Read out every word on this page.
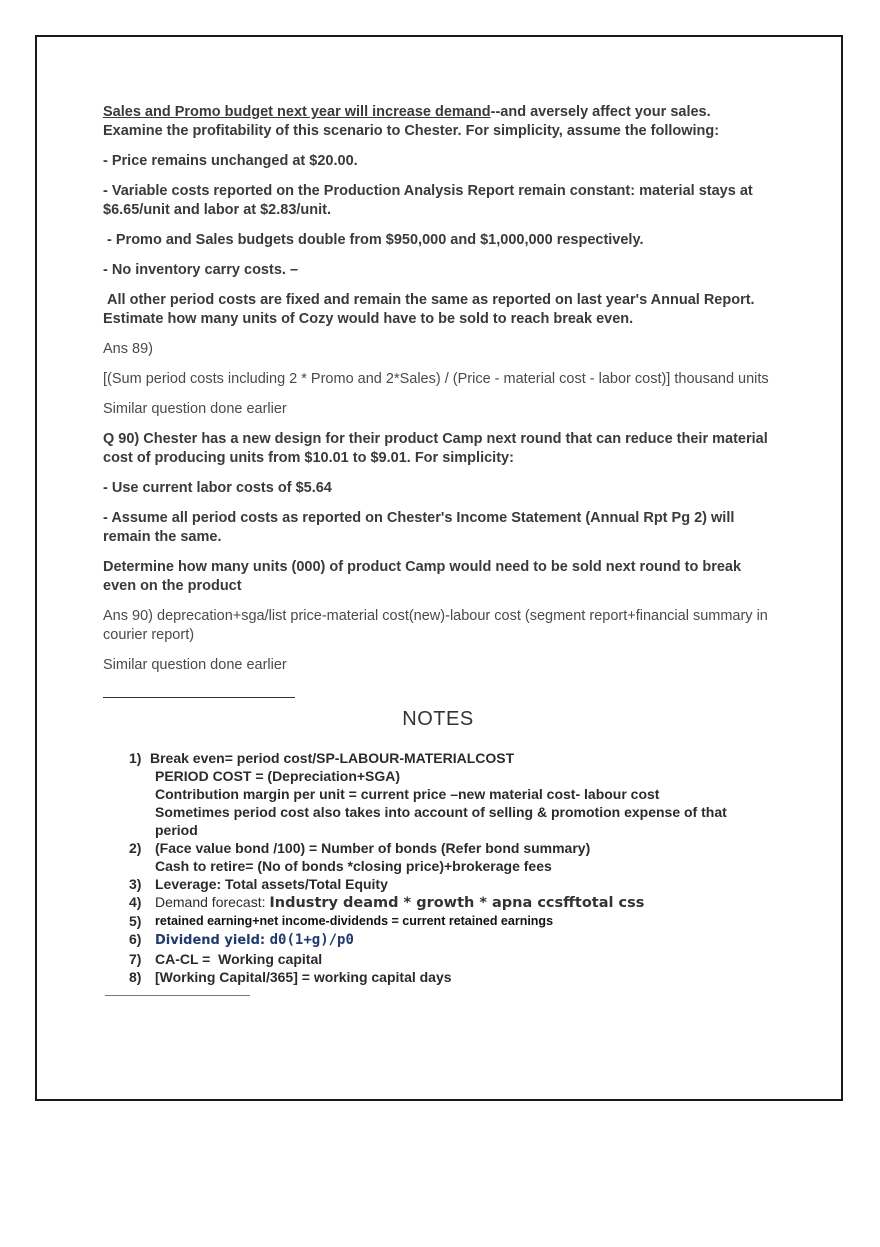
Sales and Promo budget next year will increase demand--and aversely affect your sales. Examine the profitability of this scenario to Chester. For simplicity, assume the following:

- Price remains unchanged at $20.00.

- Variable costs reported on the Production Analysis Report remain constant: material stays at $6.65/unit and labor at $2.83/unit.

- Promo and Sales budgets double from $950,000 and $1,000,000 respectively.

- No inventory carry costs. –

All other period costs are fixed and remain the same as reported on last year's Annual Report. Estimate how many units of Cozy would have to be sold to reach break even.

Ans 89)

[(Sum period costs including 2 * Promo and 2*Sales) / (Price - material cost - labor cost)] thousand units

Similar question done earlier

Q 90) Chester has a new design for their product Camp next round that can reduce their material cost of producing units from $10.01 to $9.01. For simplicity:

- Use current labor costs of $5.64

- Assume all period costs as reported on Chester's Income Statement (Annual Rpt Pg 2) will remain the same.

Determine how many units (000) of product Camp would need to be sold next round to break even on the product

Ans 90) deprecation+sga/list price-material cost(new)-labour cost (segment report+financial summary in courier report)

Similar question done earlier

NOTES
1) Break even= period cost/SP-LABOUR-MATERIALCOST
PERIOD COST = (Depreciation+SGA)
Contribution margin per unit = current price –new material cost- labour cost
Sometimes period cost also takes into account of selling & promotion expense of that period
2) (Face value bond /100) = Number of bonds (Refer bond summary)
Cash to retire= (No of bonds *closing price)+brokerage fees
3) Leverage: Total assets/Total Equity
4) Demand forecast: Industry deamd * growth * apna ccsfftotal css
5) retained earning+net income-dividends = current retained earnings
6) Dividend yield: d0(1+g)/p0
7) CA-CL =  Working capital
8) [Working Capital/365] = working capital days
